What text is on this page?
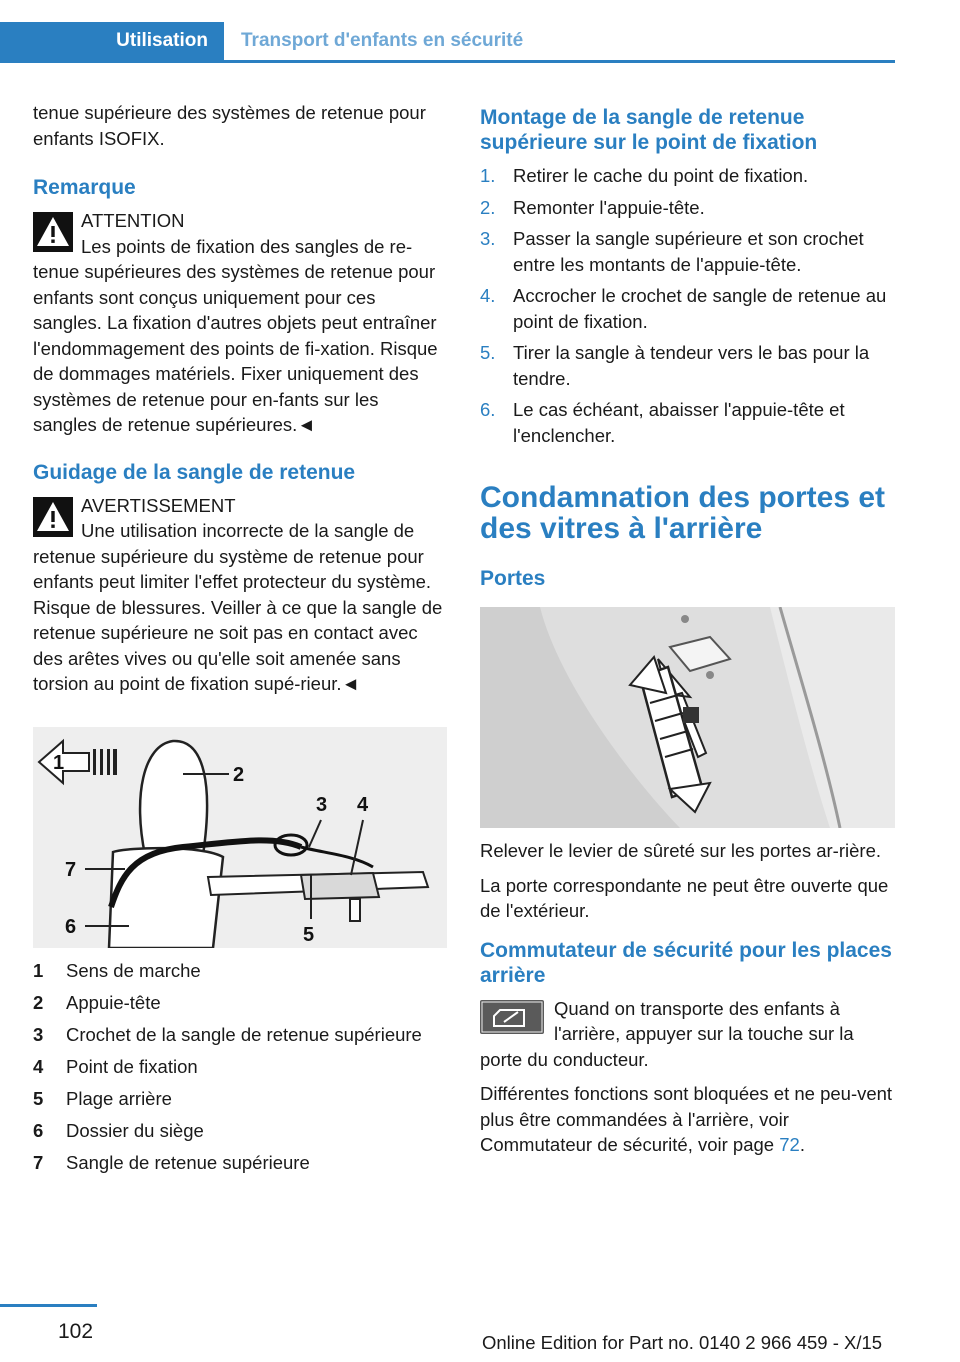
Utilisation	Transport d'enfants en sécurité

tenue supérieure des systèmes de retenue pour enfants ISOFIX.

Remarque
ATTENTION

Les points de fixation des sangles de re-tenue supérieures des systèmes de retenue pour enfants sont conçus uniquement pour ces sangles. La fixation d'autres objets peut entraîner l'endommagement des points de fi-xation. Risque de dommages matériels. Fixer uniquement des systèmes de retenue pour en-fants sur les sangles de retenue supérieures.◄

Guidage de la sangle de retenue
AVERTISSEMENT

Une utilisation incorrecte de la sangle de retenue supérieure du système de retenue pour enfants peut limiter l'effet protecteur du système. Risque de blessures. Veiller à ce que la sangle de retenue supérieure ne soit pas en contact avec des arêtes vives ou qu'elle soit amenée sans torsion au point de fixation supé-rieur.◄

1
2
3 4
5
6
7
1	Sens de marche
2	Appuie-tête
3	Crochet de la sangle de retenue supérieure
4	Point de fixation
5	Plage arrière
6	Dossier du siège
7	Sangle de retenue supérieure
Montage de la sangle de retenue supérieure sur le point de fixation
1. Retirer le cache du point de fixation.
2. Remonter l'appuie-tête.
3. Passer la sangle supérieure et son crochet entre les montants de l'appuie-tête.
4. Accrocher le crochet de sangle de retenue au point de fixation.
5. Tirer la sangle à tendeur vers le bas pour la tendre.
6. Le cas échéant, abaisser l'appuie-tête et l'enclencher.
Condamnation des portes et des vitres à l'arrière
Portes

Relever le levier de sûreté sur les portes ar-rière.

La porte correspondante ne peut être ouverte que de l'extérieur.

Commutateur de sécurité pour les places arrière

Quand on transporte des enfants à l'arrière, appuyer sur la touche sur la porte du conducteur.

Différentes fonctions sont bloquées et ne peu-vent plus être commandées à l'arrière, voir Commutateur de sécurité, voir page 72.

102	Online Edition for Part no. 0140 2 966 459 - X/15
